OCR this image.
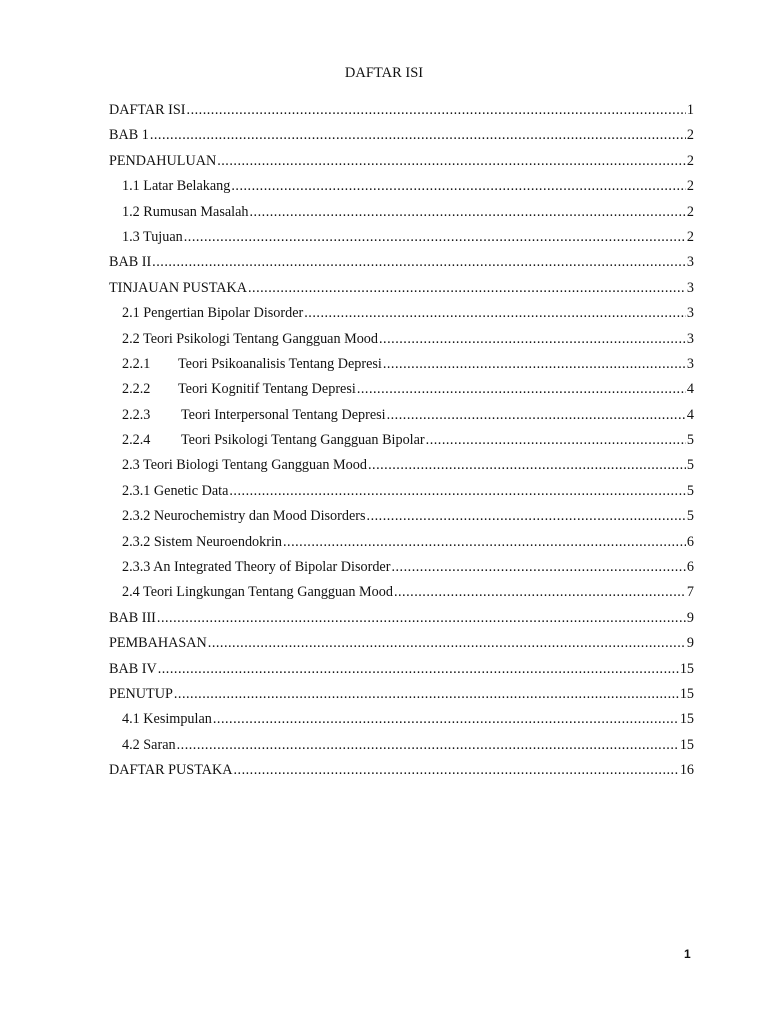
DAFTAR ISI
DAFTAR ISI .....	1
BAB 1 .....	2
PENDAHULUAN .....	2
1.1 Latar Belakang .....	2
1.2 Rumusan Masalah .....	2
1.3 Tujuan .....	2
BAB II .....	3
TINJAUAN PUSTAKA .....	3
2.1 Pengertian Bipolar Disorder .....	3
2.2 Teori Psikologi Tentang Gangguan Mood .....	3
2.2.1	Teori Psikoanalisis Tentang Depresi .....	3
2.2.2	Teori Kognitif Tentang Depresi .....	4
2.2.3	Teori Interpersonal Tentang Depresi .....	4
2.2.4	Teori Psikologi Tentang Gangguan Bipolar .....	5
2.3 Teori Biologi Tentang Gangguan Mood .....	5
2.3.1 Genetic Data .....	5
2.3.2 Neurochemistry dan Mood Disorders .....	5
2.3.2 Sistem Neuroendokrin .....	6
2.3.3 An Integrated Theory of Bipolar Disorder .....	6
2.4 Teori Lingkungan Tentang Gangguan Mood .....	7
BAB III .....	9
PEMBAHASAN .....	9
BAB IV .....	15
PENUTUP .....	15
4.1 Kesimpulan .....	15
4.2 Saran .....	15
DAFTAR PUSTAKA .....	16
1
